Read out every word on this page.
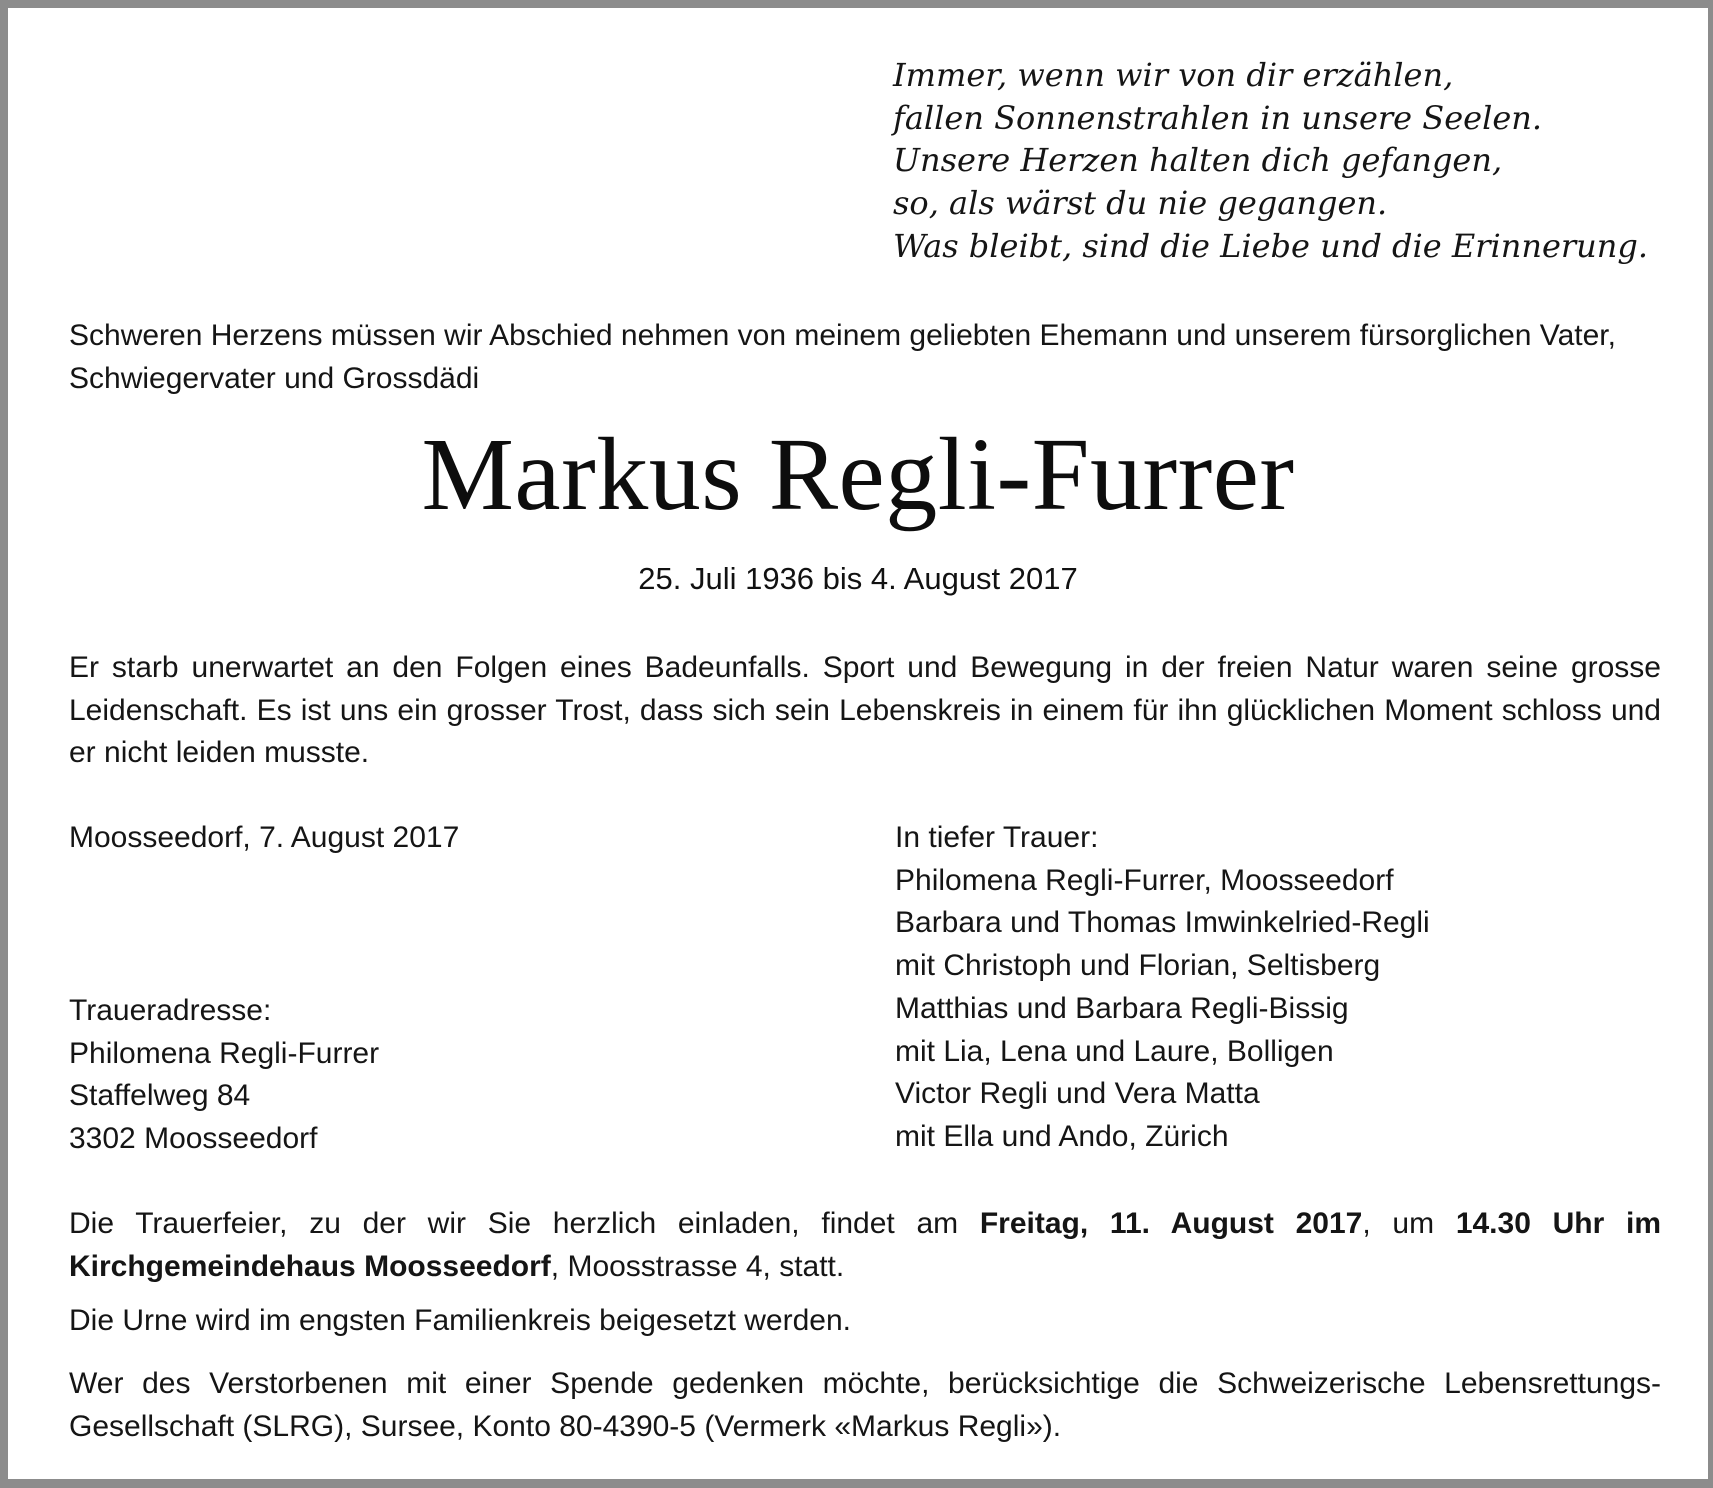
Immer, wenn wir von dir erzählen,
fallen Sonnenstrahlen in unsere Seelen.
Unsere Herzen halten dich gefangen,
so, als wärst du nie gegangen.
Was bleibt, sind die Liebe und die Erinnerung.
Schweren Herzens müssen wir Abschied nehmen von meinem geliebten Ehemann und unserem fürsorglichen Vater, Schwiegervater und Grossdädi
Markus Regli-Furrer
25. Juli 1936 bis 4. August 2017
Er starb unerwartet an den Folgen eines Badeunfalls. Sport und Bewegung in der freien Natur waren seine grosse Leidenschaft. Es ist uns ein grosser Trost, dass sich sein Lebenskreis in einem für ihn glücklichen Moment schloss und er nicht leiden musste.
Moosseedorf, 7. August 2017
Traueradresse:
Philomena Regli-Furrer
Staffelweg 84
3302 Moosseedorf
In tiefer Trauer:
Philomena Regli-Furrer, Moosseedorf
Barbara und Thomas Imwinkelried-Regli
mit Christoph und Florian, Seltisberg
Matthias und Barbara Regli-Bissig
mit Lia, Lena und Laure, Bolligen
Victor Regli und Vera Matta
mit Ella und Ando, Zürich
Die Trauerfeier, zu der wir Sie herzlich einladen, findet am Freitag, 11. August 2017, um 14.30 Uhr im Kirchgemeindehaus Moosseedorf, Moosstrasse 4, statt.
Die Urne wird im engsten Familienkreis beigesetzt werden.
Wer des Verstorbenen mit einer Spende gedenken möchte, berücksichtige die Schweizerische Lebensrettungs-Gesellschaft (SLRG), Sursee, Konto 80-4390-5 (Vermerk «Markus Regli»).
